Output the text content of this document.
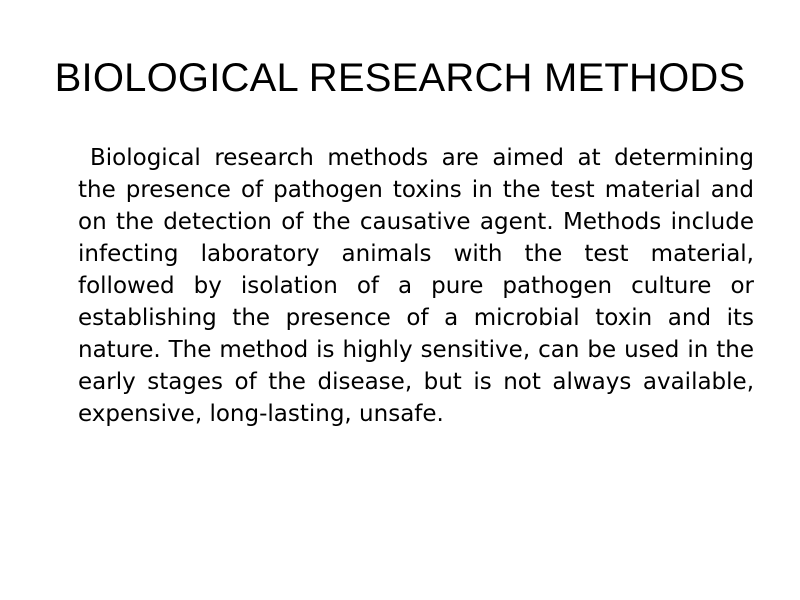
BIOLOGICAL RESEARCH METHODS

Biological research methods are aimed at determining the presence of pathogen toxins in the test material and on the detection of the causative agent. Methods include infecting laboratory animals with the test material, followed by isolation of a pure pathogen culture or establishing the presence of a microbial toxin and its nature. The method is highly sensitive, can be used in the early stages of the disease, but is not always available, expensive, long-lasting, unsafe.
